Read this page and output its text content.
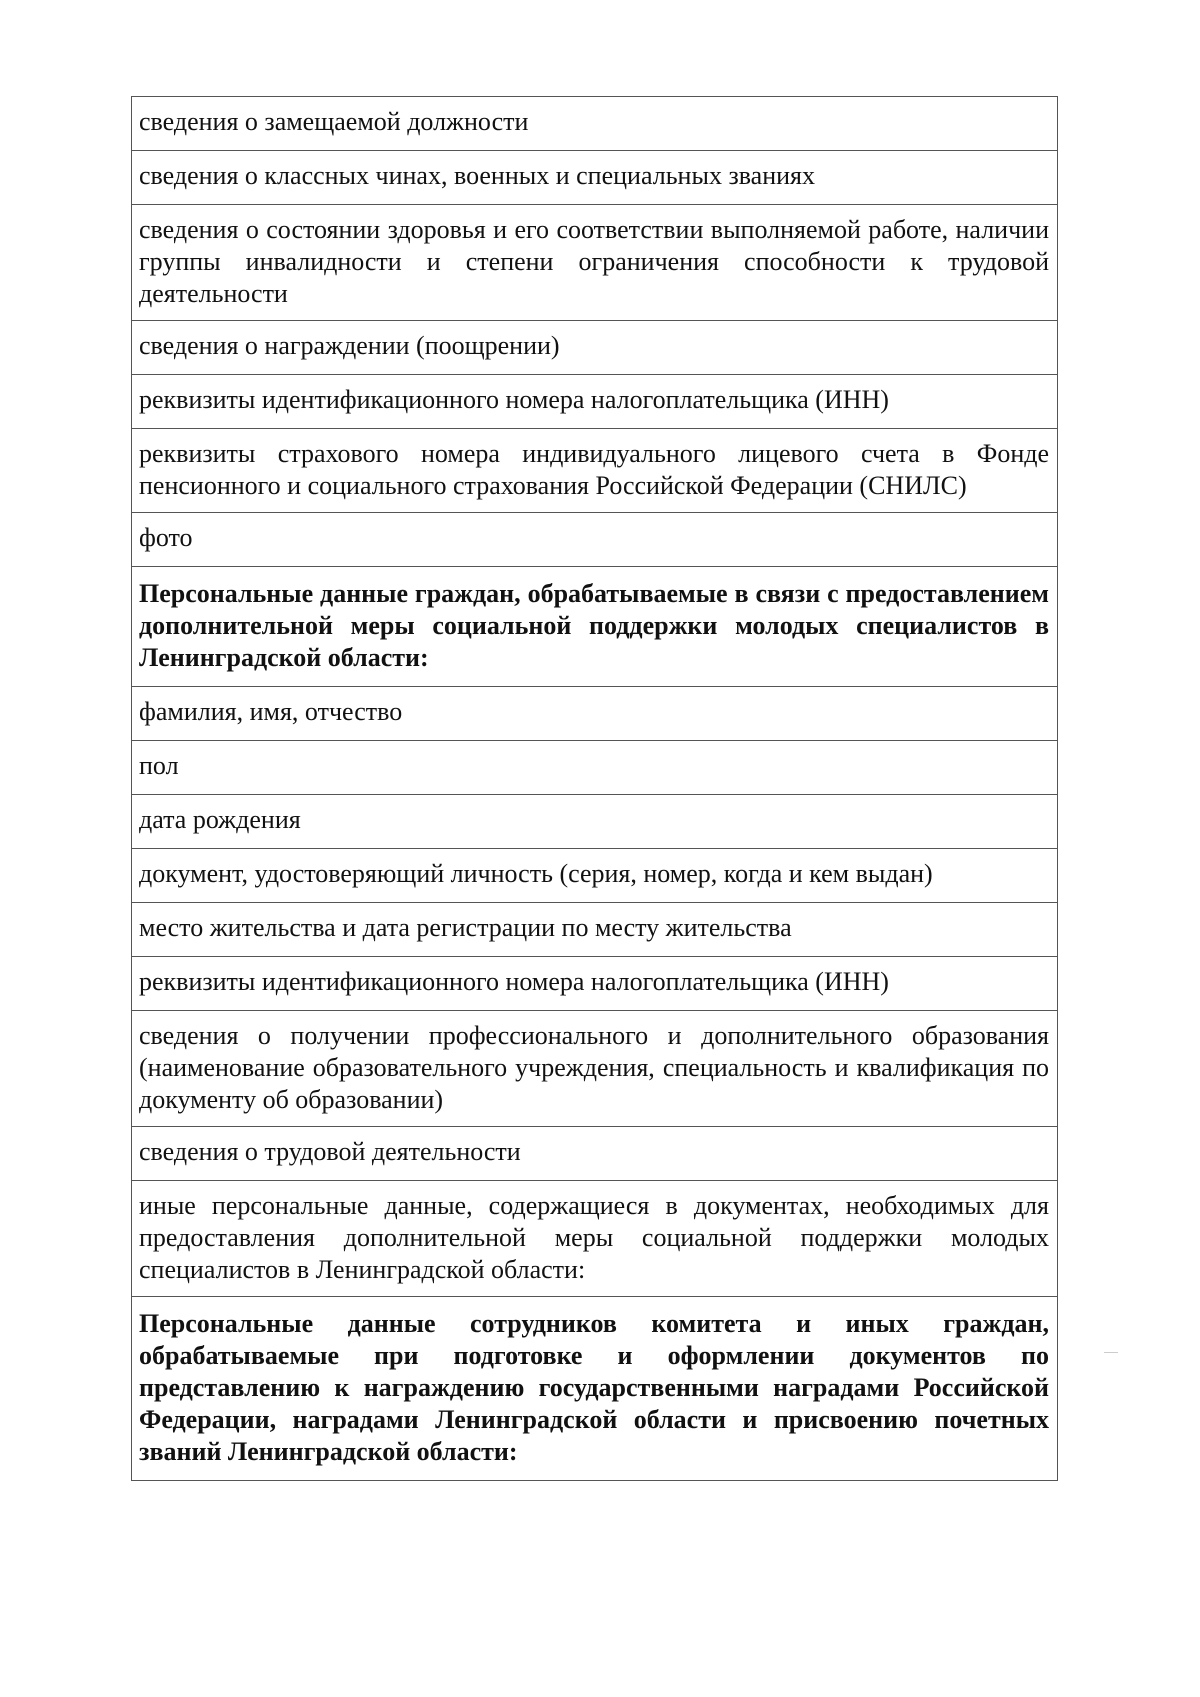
сведения о замещаемой должности
сведения о классных чинах, военных и специальных званиях
сведения о состоянии здоровья и его соответствии выполняемой работе, наличии группы инвалидности и степени ограничения способности к трудовой деятельности
сведения о награждении (поощрении)
реквизиты идентификационного номера налогоплательщика (ИНН)
реквизиты страхового номера индивидуального лицевого счета в Фонде пенсионного и социального страхования Российской Федерации (СНИЛС)
фото
Персональные данные граждан, обрабатываемые в связи с предоставлением дополнительной меры социальной поддержки молодых специалистов в Ленинградской области:
фамилия, имя, отчество
пол
дата рождения
документ, удостоверяющий личность (серия, номер, когда и кем выдан)
место жительства и дата регистрации по месту жительства
реквизиты идентификационного номера налогоплательщика (ИНН)
сведения о получении профессионального и дополнительного образования (наименование образовательного учреждения, специальность и квалификация по документу об образовании)
сведения о трудовой деятельности
иные персональные данные, содержащиеся в документах, необходимых для предоставления дополнительной меры социальной поддержки молодых специалистов в Ленинградской области:
Персональные данные сотрудников комитета и иных граждан, обрабатываемые при подготовке и оформлении документов по представлению к награждению государственными наградами Российской Федерации, наградами Ленинградской области и присвоению почетных званий Ленинградской области:
